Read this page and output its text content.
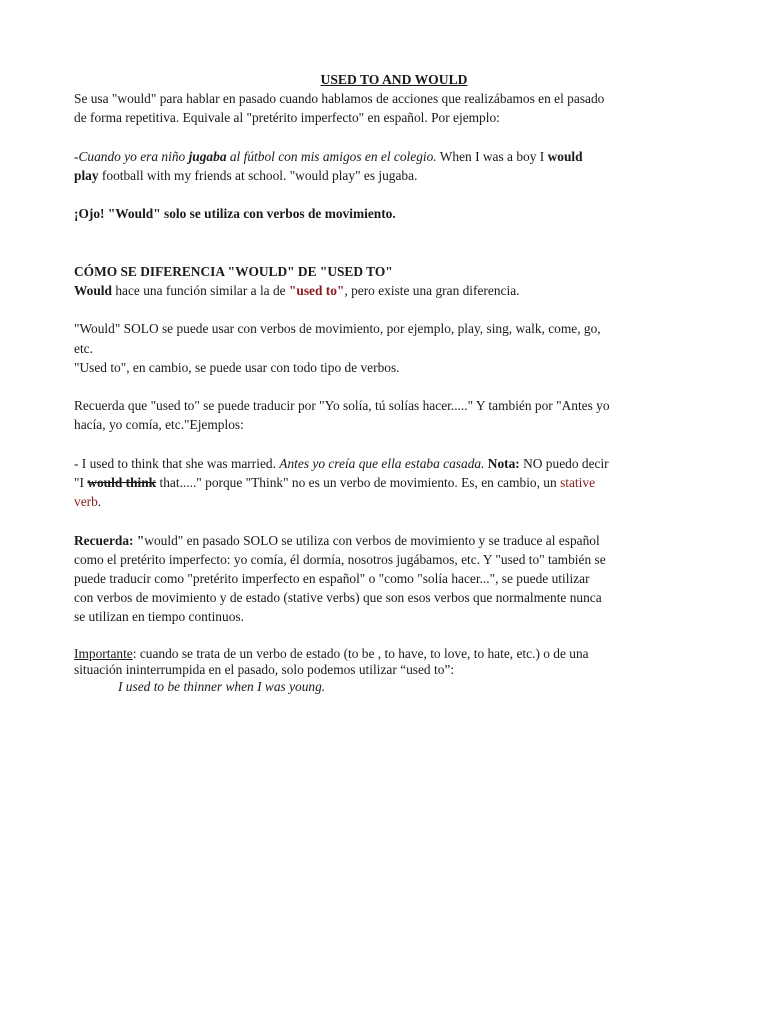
USED TO AND WOULD

Se usa "would" para hablar en pasado cuando hablamos de acciones que realizábamos en el pasado

de forma repetitiva. Equivale al "pretérito imperfecto" en español. Por ejemplo:

-Cuando yo era niño jugaba al fútbol con mis amigos en el colegio. When I was a boy I would

play football with my friends at school. "would play" es jugaba.

¡Ojo! "Would" solo se utiliza con verbos de movimiento.

CÓMO SE DIFERENCIA "WOULD" DE "USED TO"

Would hace una función similar a la de "used to", pero existe una gran diferencia.

"Would" SOLO se puede usar con verbos de movimiento, por ejemplo, play, sing, walk, come, go,

etc.

"Used to", en cambio, se puede usar con todo tipo de verbos.

Recuerda que "used to" se puede traducir por "Yo solía, tú solías hacer....." Y también por "Antes yo

hacía, yo comía, etc."Ejemplos:

- I used to think that she was married. Antes yo creía que ella estaba casada. Nota: NO puedo decir

"I would think that....." porque "Think" no es un verbo de movimiento. Es, en cambio, un stative

verb.

Recuerda: "would" en pasado SOLO se utiliza con verbos de movimiento y se traduce al español

como el pretérito imperfecto: yo comía, él dormía, nosotros jugábamos, etc. Y "used to" también se

puede traducir como "pretérito imperfecto en español" o "como "solía hacer...", se puede utilizar

con verbos de movimiento y de estado (stative verbs) que son esos verbos que normalmente nunca

se utilizan en tiempo continuos.

Importante: cuando se trata de un verbo de estado (to be , to have, to love, to hate, etc.) o de una

situación ininterrumpida en el pasado, solo podemos utilizar “used to”:

I used to be thinner when I was young.
